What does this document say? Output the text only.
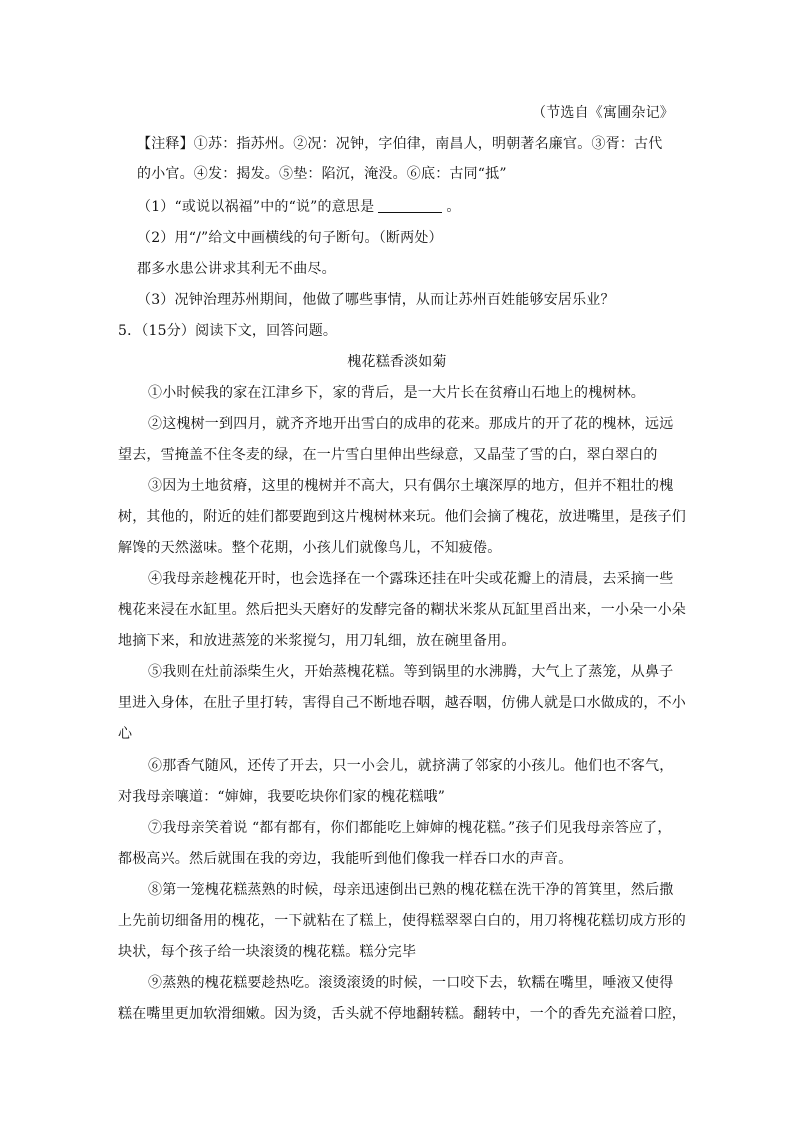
（节选自《寓圃杂记》
【注释】①苏：指苏州。②况：况钟，字伯律，南昌人，明朝著名廉官。③胥：古代
的小官。④发：揭发。⑤垫：陷沉，淹没。⑥底：古同“抵”
（1）“或说以祸福”中的“说”的意思是	。
（2）用“/”给文中画横线的句子断句。（断两处）
郡多水患公讲求其利无不曲尽。
（3）况钟治理苏州期间，他做了哪些事情，从而让苏州百姓能够安居乐业？
5．（15分）阅读下文，回答问题。
槐花糕香淡如菊
①小时候我的家在江津乡下，家的背后，是一大片长在贫瘠山石地上的槐树林。
②这槐树一到四月，就齐齐地开出雪白的成串的花来。那成片的开了花的槐林，远远
望去，雪掩盖不住冬麦的绿，在一片雪白里伸出些绿意，又晶莹了雪的白，翠白翠白的
③因为土地贫瘠，这里的槐树并不高大，只有偶尔土壤深厚的地方，但并不粗壮的槐
树，其他的，附近的娃们都要跑到这片槐树林来玩。他们会摘了槐花，放进嘴里，是孩子们
解馋的天然滋味。整个花期，小孩儿们就像鸟儿，不知疲倦。
④我母亲趁槐花开时，也会选择在一个露珠还挂在叶尖或花瓣上的清晨，去采摘一些
槐花来浸在水缸里。然后把头天磨好的发酵完备的糊状米浆从瓦缸里舀出来，一小朵一小朵
地摘下来，和放进蒸笼的米浆搅匀，用刀轧细，放在碗里备用。
⑤我则在灶前添柴生火，开始蒸槐花糕。等到锅里的水沸腾，大气上了蒸笼，从鼻子
里进入身体，在肚子里打转，害得自己不断地吞咽，越吞咽，仿佛人就是口水做成的，不小
心
⑥那香气随风，还传了开去，只一小会儿，就挤满了邻家的小孩儿。他们也不客气，
对我母亲嚷道：“婶婶，我要吃块你们家的槐花糕哦”
⑦我母亲笑着说 “都有都有，你们都能吃上婶婶的槐花糕。”孩子们见我母亲答应了，
都极高兴。然后就围在我的旁边，我能听到他们像我一样吞口水的声音。
⑧第一笼槐花糕蒸熟的时候，母亲迅速倒出已熟的槐花糕在洗干净的筲箕里，然后撒
上先前切细备用的槐花，一下就粘在了糕上，使得糕翠翠白白的，用刀将槐花糕切成方形的
块状，每个孩子给一块滚烫的槐花糕。糕分完毕
⑨蒸熟的槐花糕要趁热吃。滚烫滚烫的时候，一口咬下去，软糯在嘴里，唾液又使得
糕在嘴里更加软滑细嫩。因为烫，舌头就不停地翻转糕。翻转中，一个的香先充溢着口腔，
